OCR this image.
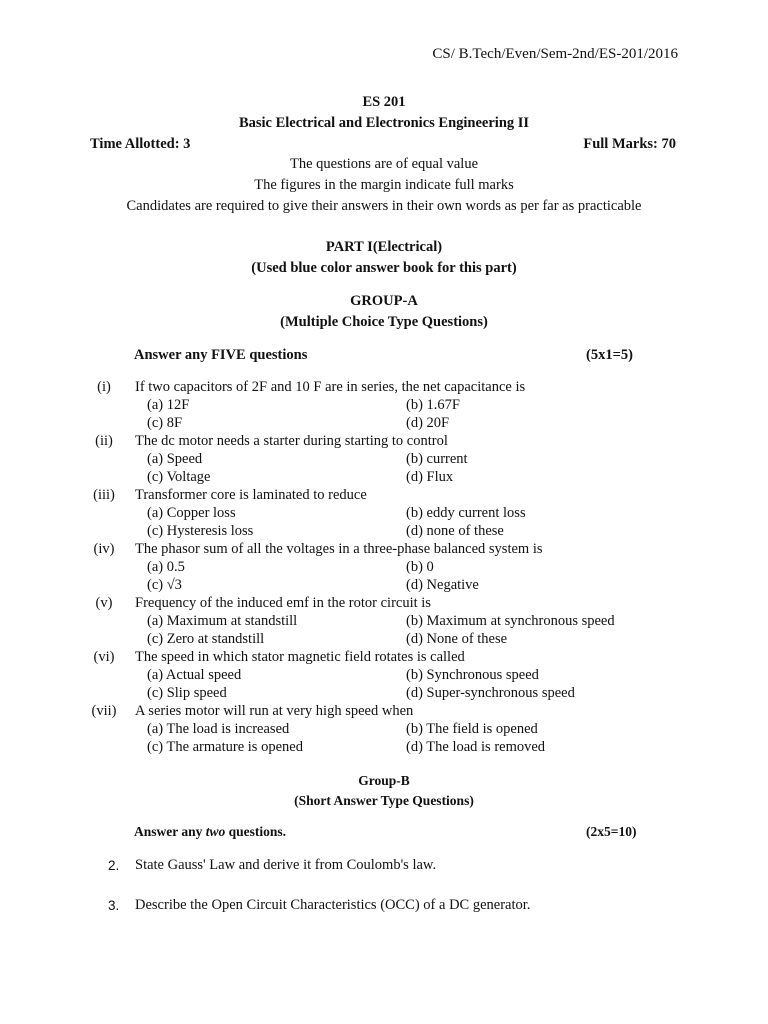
CS/ B.Tech/Even/Sem-2nd/ES-201/2016
ES 201
Basic Electrical and Electronics Engineering II
Time Allotted: 3	Full Marks: 70
The questions are of equal value
The figures in the margin indicate full marks
Candidates are required to give their answers in their own words as per far as practicable
PART I(Electrical)
(Used blue color answer book for this part)
GROUP-A
(Multiple Choice Type Questions)
Answer any FIVE questions	(5x1=5)
(i)	If two capacitors of 2F and 10 F are in series, the net capacitance is
(a) 12F	(b) 1.67F
(c) 8F	(d) 20F
(ii)	The dc motor needs a starter during starting to control
(a) Speed	(b) current
(c) Voltage	(d) Flux
(iii)	Transformer core is laminated to reduce
(a) Copper loss	(b) eddy current loss
(c) Hysteresis loss	(d) none of these
(iv)	The phasor sum of all the voltages in a three-phase balanced system is
(a) 0.5	(b) 0
(c) √3	(d) Negative
(v)	Frequency of the induced emf in the rotor circuit is
(a) Maximum at standstill	(b) Maximum at synchronous speed
(c) Zero at standstill	(d) None of these
(vi)	The speed in which stator magnetic field rotates is called
(a) Actual speed	(b) Synchronous speed
(c) Slip speed	(d) Super-synchronous speed
(vii)	A series motor will run at very high speed when
(a) The load is increased	(b) The field is opened
(c) The armature is opened	(d) The load is removed
Group-B
(Short Answer Type Questions)
Answer any two questions.	(2x5=10)
2. State Gauss' Law and derive it from Coulomb's law.
3. Describe the Open Circuit Characteristics (OCC) of a DC generator.
